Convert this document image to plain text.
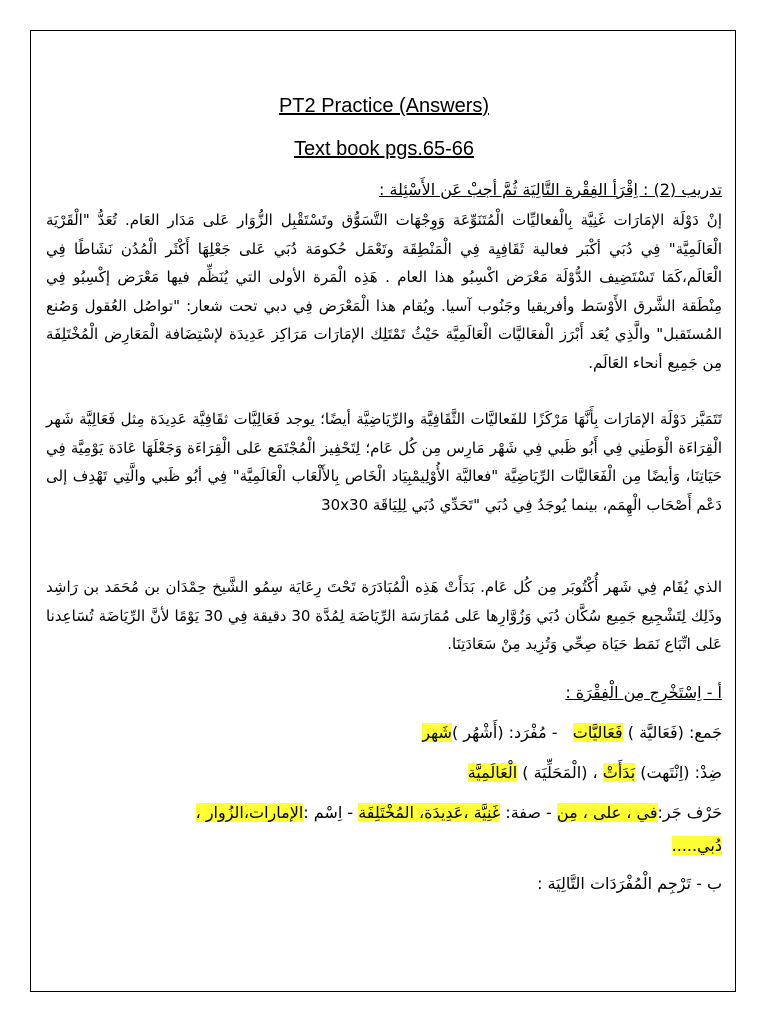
PT2 Practice (Answers)
Text book pgs.65-66
تدريب (2) : اِقْرَأ الفِقْرة التَّالِيَة ثُمَّ أجبْ عَن الأَسْئِلة :
إنْ دَوْلَة الإمَارَات غَنِيَّة بِالْفعاليِّات الْمُتَنَوِّعَة وَوِجْهَات التَّسَوُّق وتَسْتَقْبِل الزُّوَار عَلى مَدَار العَام. تُعَدُّ "الْقَرْيَة الْعَالَمِيَّة" فِي دُبَي أكْبَر فعالية ثَقَافِيِة فِي الْمَنْطِقَة وتَعْمَل حُكومَة دُبَي عَلى جَعْلِهَا أَكْثَر الْمُدُن نَشَاطًا فِي الْعَالَم،كَمَا تَسْتَضِيف الدُّوْلَة مَعْرَض اكْسِبُو هذا العام . هَذِه الْمَرة الأولى التي يُنَظِّم فيها مَعْرَض إكْسِبُو فِي مِنْطَقة الشَّرق الأَوْسَط وأفريقيا وجَنُوب آسيا. ويُقام هذا الْمَعْرَض فِي دبي تحت شعار: "تواصُل العُقول وَصُنع المُستَقبل" والَّذِي يُعَد أَبْرَز الْفعَاليَّات الْعَالَمِيَّة حَيْثُ تَمْتَلِك الإمَارَات مَرَاكِز عَدِيدَة لإسْتِضَافة الْمَعَارِض الْمُخْتَلِفَة مِن جَمِيع أنحاء العَالَم.
تَتَمَيَّز دَوْلَة الإمَارَات بِأَنَّهَا مَرْكَزًا للفَعاليَّات الثَّقَافِيَّة والرِّيَاضِيَّة أيضًا؛ يوجد فَعَالِيَّات ثقَافِيَّة عَدِيدَة مِثل فَعَالِيَّة شَهر الْقِرَاءَة الْوَطَنِي فِي أَبُو ظَبي فِي شَهْر مَارِس مِن كُل عَام؛ لِتَحْفِيز الْمُجْتَمَع عَلى الْقِرَاءَة وَجَعْلَهَا عَادَة يَوْمِيَّة فِي حَيَاتِنَا، وَأيضًا مِن الْفَعَاليَّات الرِّيَاضِيَّة "فعاليَّة الأُوْلِيمْبِيَاد الْخَاص بِالأَلْعَاب الْعَالَمِيَّة" فِي أبُو ظَبي والَّتِي تَهْدِف إلى دَعْم أَصْحَاب الْهِمَم، بينما يُوجَدُ فِي دُبَي "تَحَدِّي دُبَي لِلِيَاقَة 30x30
الذي يُقَام فِي شَهر أُكْتُوبَر مِن كُل عَام. بَدَأَتْ هَذِه الْمُبَادَرَة تَحْتَ رِعَايَة سِمُو الشَّيخ حِمْدَان بن مُحَمَد بن رَاشِد وذَلِك لِتَشْجِيع جَمِيع سُكَّان دُبَي وَزُوَّارِها عَلى مُمَارَسَة الرِّيَاضَة لِمُدَّة 30 دقيقة فِي 30 يَوْمًا لأنَّ الرِّيَاضَة تُسَاعِدنا عَلى اتِّبَاع نَمَط حَيَاة صِحِّي وَتُزِيد مِنْ سَعَادَتِنَا.
أ - اِسْتَخْرِج مِن الْفِقْرَة :
جَمع: (فَعَاليَّة ) فَعَاليَّات   - مُفْرَد: (أَشْهُر )شَهر
ضِدْ: (اِنْتَهت) بَدَأَتْ ، (الْمَحَلِّيَة ) الْعَالَمِيَّة
حَرْف جَر:في ، على ، مِن - صفة: غَنِيَّة ،عَدِيدَة، المُخْتَلِفَة - اِسْم :الإمارات،الزُوار ،
دُبي.....
ب - تَرْجِم الْمُفْرَدَات التَّالِيَة :
